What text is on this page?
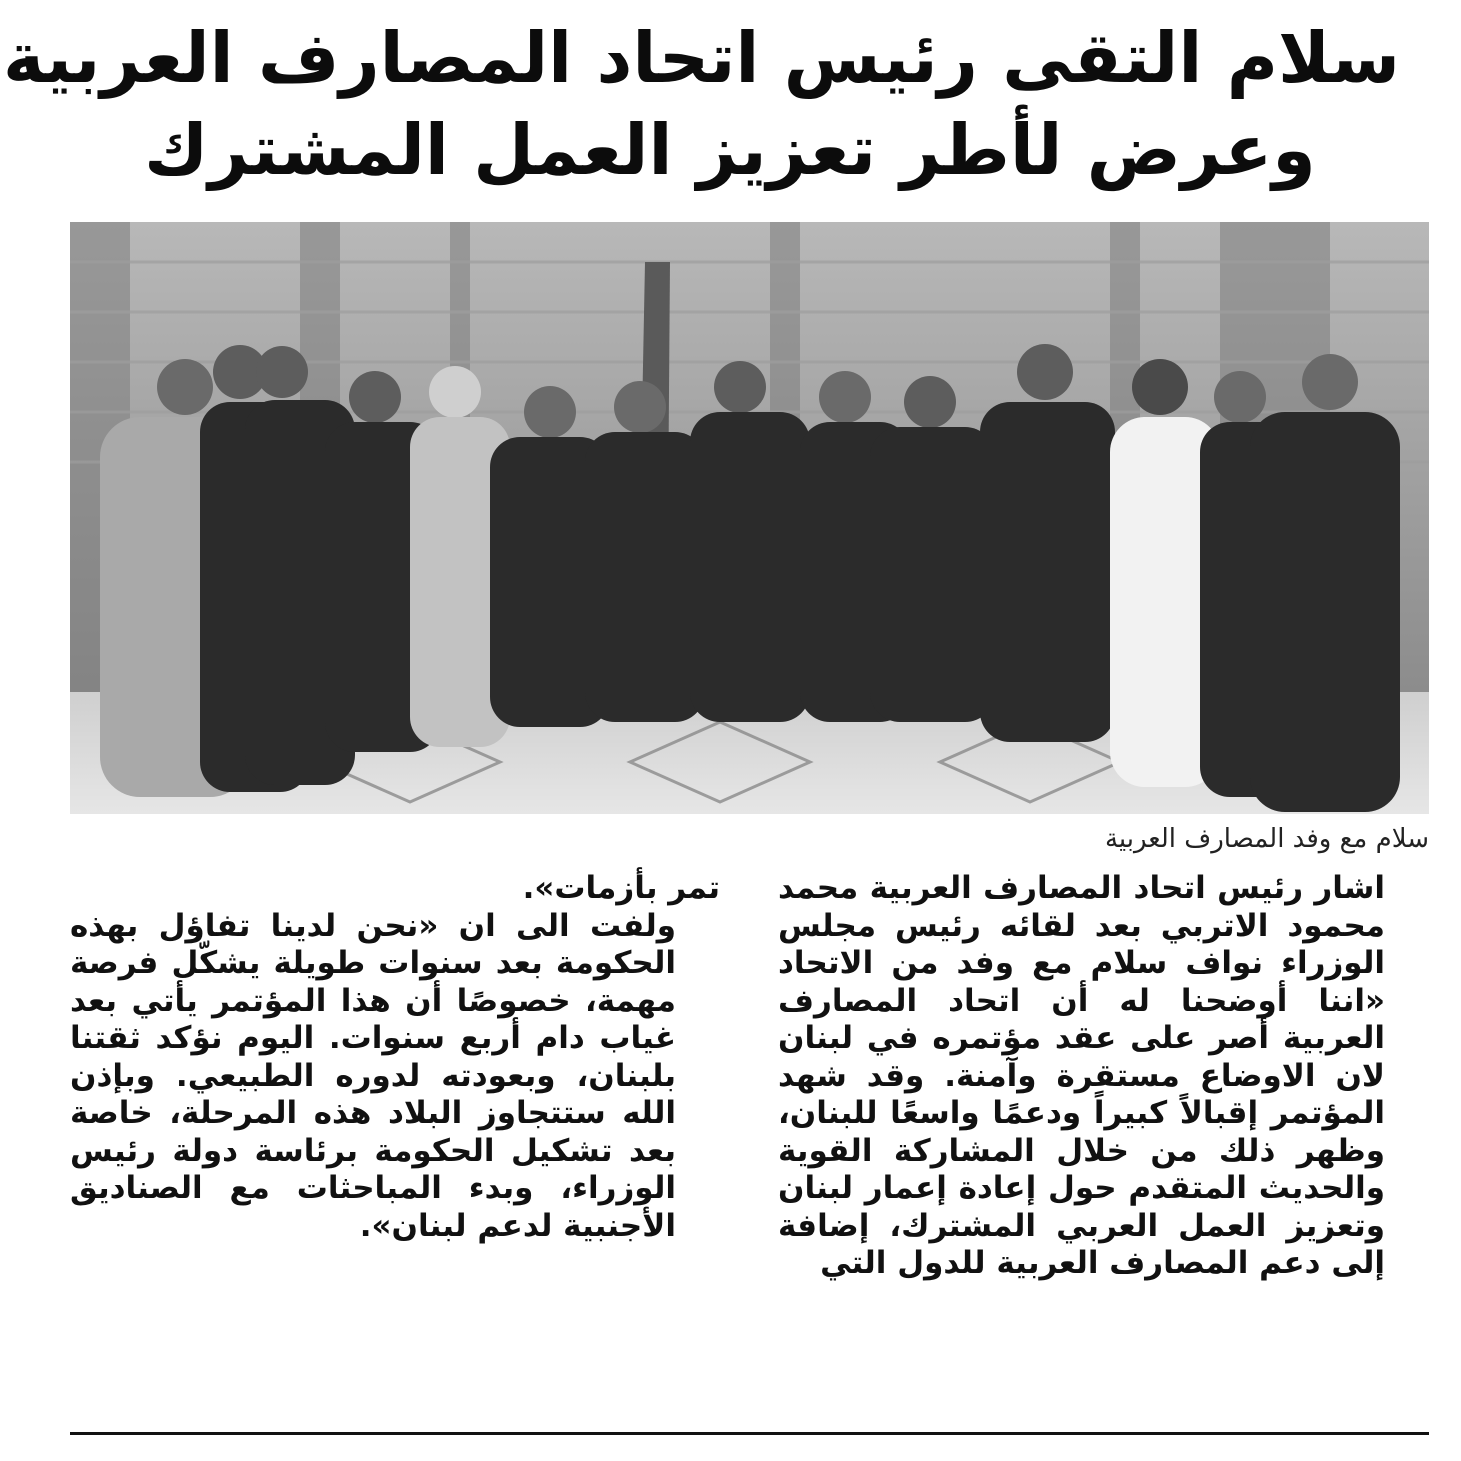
سلام التقى رئيس اتحاد المصارف العربية
وعرض لأطر تعزيز العمل المشترك
سلام مع وفد المصارف العربية

اشار رئيس اتحاد المصارف العربية محمد محمود الاتربي بعد لقائه رئيس مجلس الوزراء نواف سلام مع وفد من الاتحاد «اننا أوضحنا له أن اتحاد المصارف العربية أصر على عقد مؤتمره في لبنان لان الاوضاع مستقرة وآمنة. وقد شهد المؤتمر إقبالاً كبيراً ودعمًا واسعًا للبنان، وظهر ذلك من خلال المشاركة القوية والحديث المتقدم حول إعادة إعمار لبنان وتعزيز العمل العربي المشترك، إضافة إلى دعم المصارف العربية للدول التي

تمر بأزمات».

ولفت الى ان «نحن لدينا تفاؤل بهذه الحكومة بعد سنوات طويلة يشكّل فرصة مهمة، خصوصًا أن هذا المؤتمر يأتي بعد غياب دام أربع سنوات. اليوم نؤكد ثقتنا بلبنان، وبعودته لدوره الطبيعي. وبإذن الله ستتجاوز البلاد هذه المرحلة، خاصة بعد تشكيل الحكومة برئاسة دولة رئيس الوزراء، وبدء المباحثات مع الصناديق الأجنبية لدعم لبنان».
